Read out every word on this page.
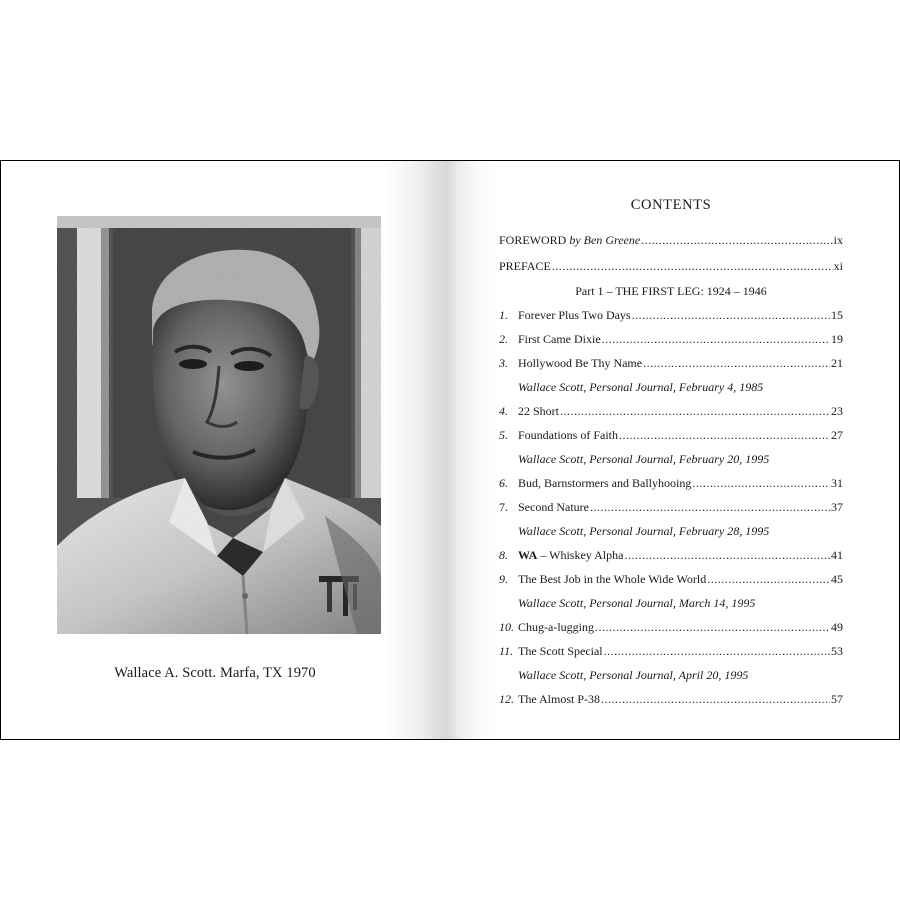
Wallace A. Scott. Marfa, TX 1970
CONTENTS
FOREWORD by Ben Greene .....	ix
PREFACE .....	xi
Part 1 – THE FIRST LEG: 1924 – 1946
1. Forever Plus Two Days .....	15
2. First Came Dixie .....	19
3. Hollywood Be Thy Name .....	21
Wallace Scott, Personal Journal, February 4, 1985
4. 22 Short .....	23
5. Foundations of Faith .....	27
Wallace Scott, Personal Journal, February 20, 1995
6. Bud, Barnstormers and Ballyhooing .....	31
7. Second Nature .....	37
Wallace Scott, Personal Journal, February 28, 1995
8. WA – Whiskey Alpha .....	41
9. The Best Job in the Whole Wide World .....	45
Wallace Scott, Personal Journal, March 14, 1995
10. Chug-a-lugging .....	49
11. The Scott Special .....	53
Wallace Scott, Personal Journal, April 20, 1995
12. The Almost P-38 .....	57
